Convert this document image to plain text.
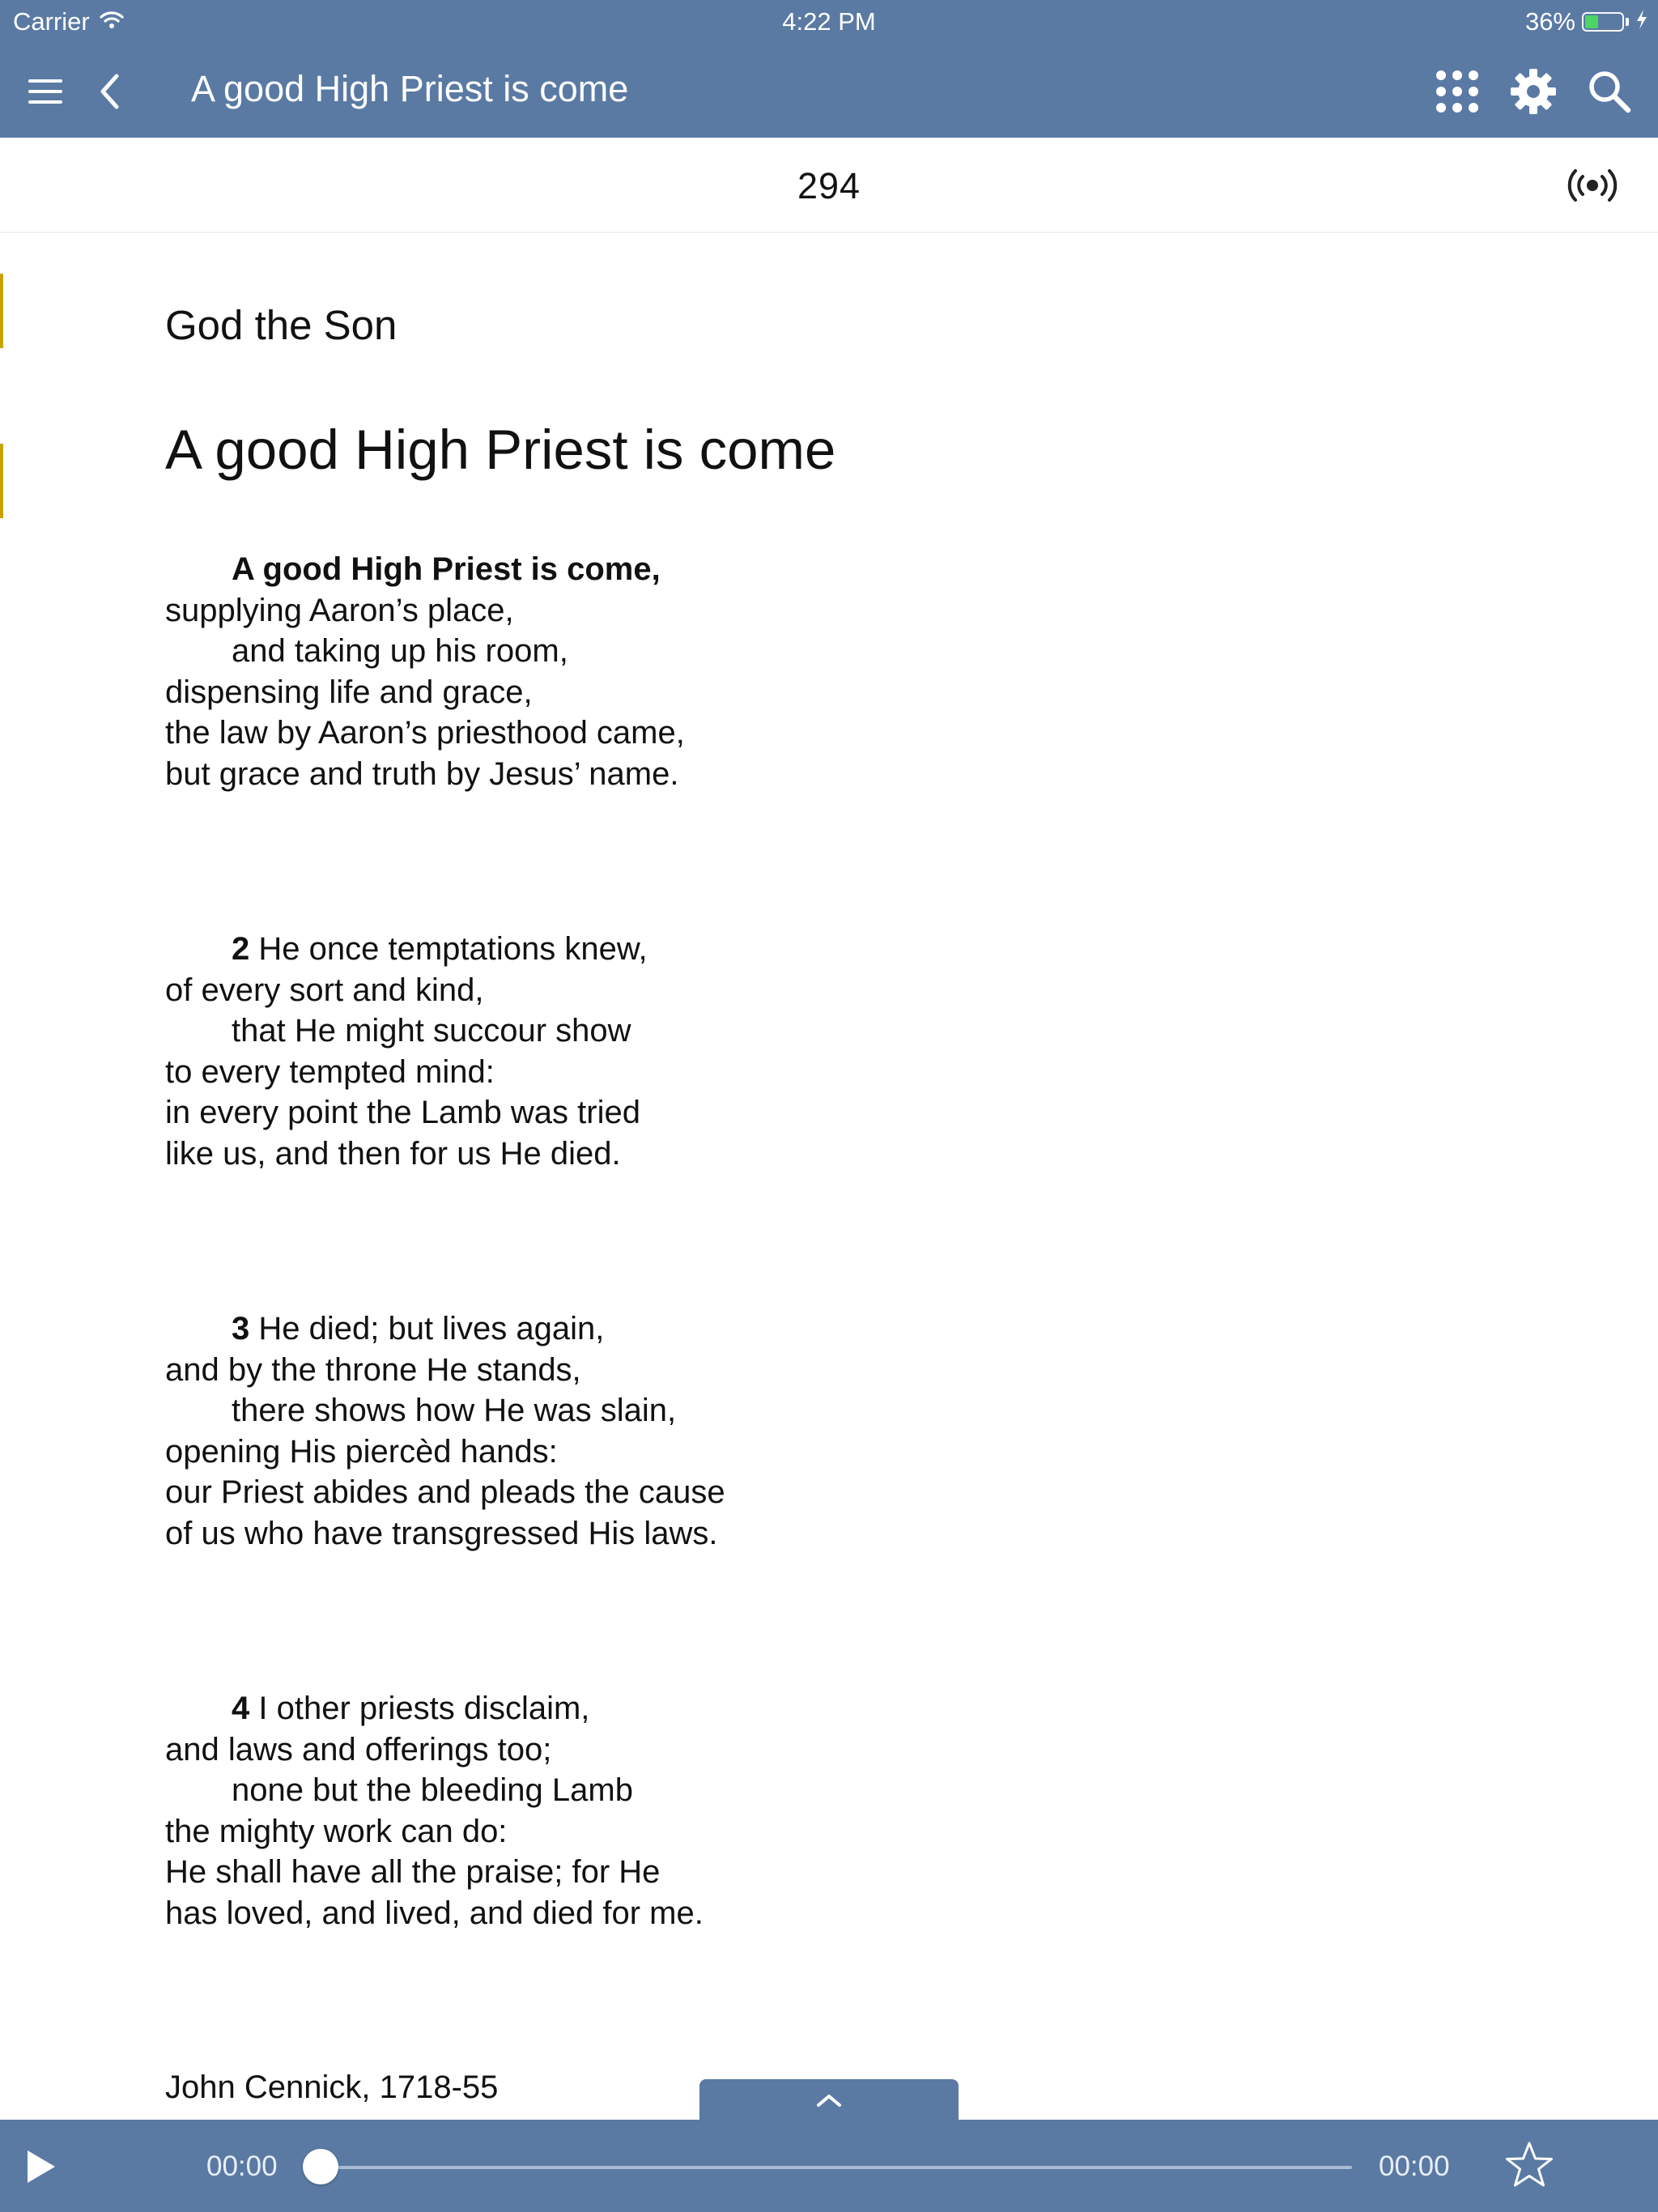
Carrier	4:22 PM	36%
A good High Priest is come
294
God the Son
A good High Priest is come
A good High Priest is come,
supplying Aaron’s place,
and taking up his room,
dispensing life and grace,
the law by Aaron’s priesthood came,
but grace and truth by Jesus’ name.
2 He once temptations knew,
of every sort and kind,
that He might succour show
to every tempted mind:
in every point the Lamb was tried
like us, and then for us He died.
3 He died; but lives again,
and by the throne He stands,
there shows how He was slain,
opening His piercèd hands:
our Priest abides and pleads the cause
of us who have transgressed His laws.
4 I other priests disclaim,
and laws and offerings too;
none but the bleeding Lamb
the mighty work can do:
He shall have all the praise; for He
has loved, and lived, and died for me.
John Cennick, 1718-55
00:00	00:00
